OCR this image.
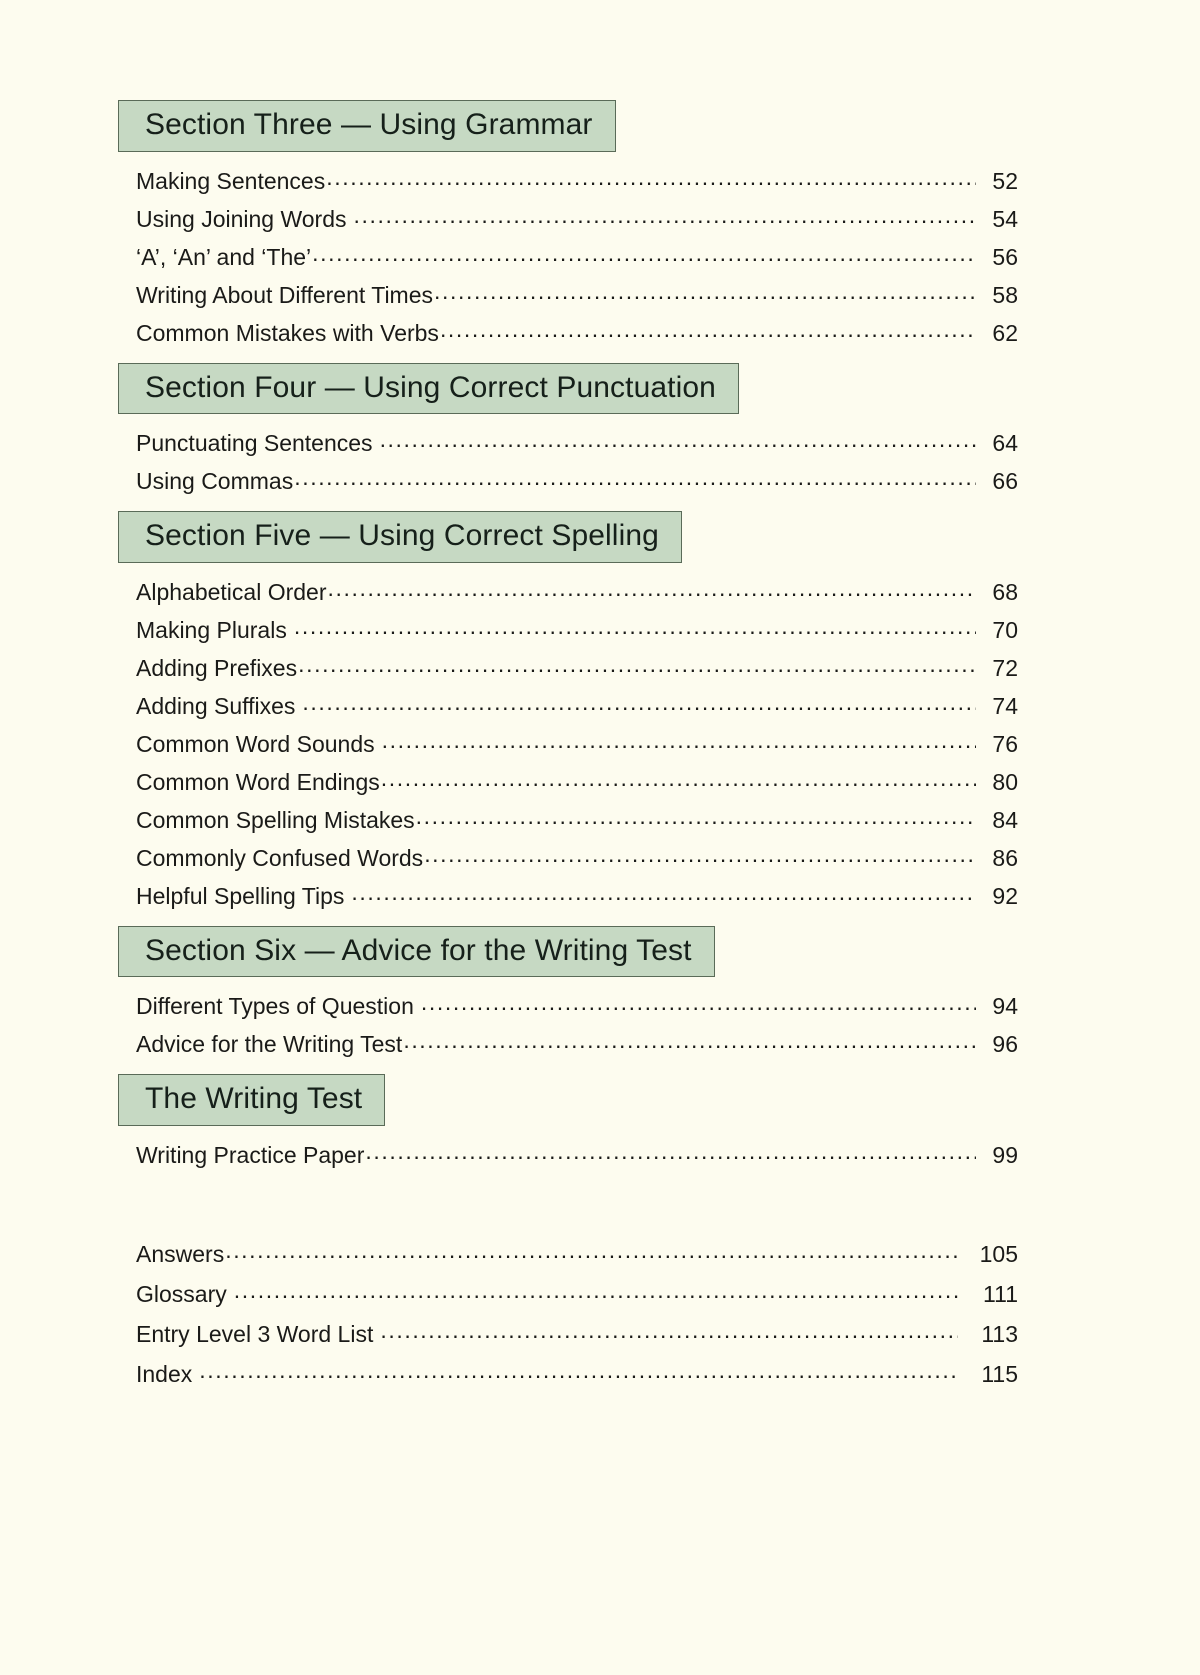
Section Three — Using Grammar
Making Sentences .....	52
Using Joining Words .....	54
‘A’, ‘An’ and ‘The’ .....	56
Writing About Different Times .....	58
Common Mistakes with Verbs .....	62
Section Four — Using Correct Punctuation
Punctuating Sentences .....	64
Using Commas .....	66
Section Five — Using Correct Spelling
Alphabetical Order .....	68
Making Plurals .....	70
Adding Prefixes .....	72
Adding Suffixes .....	74
Common Word Sounds .....	76
Common Word Endings .....	80
Common Spelling Mistakes .....	84
Commonly Confused Words .....	86
Helpful Spelling Tips .....	92
Section Six — Advice for the Writing Test
Different Types of Question .....	94
Advice for the Writing Test .....	96
The Writing Test
Writing Practice Paper .....	99
Answers .....	105
Glossary .....	111
Entry Level 3 Word List .....	113
Index .....	115
